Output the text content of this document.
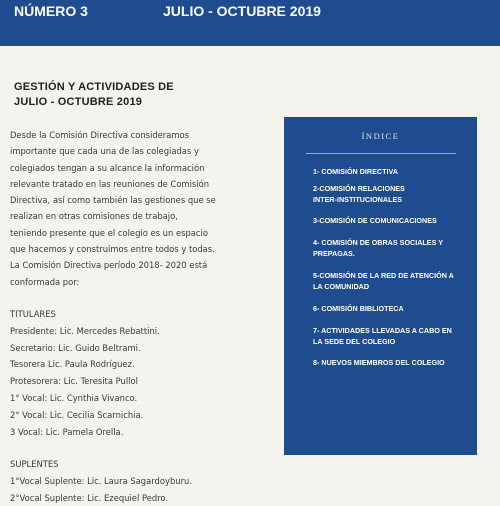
NÚMERO 3	JULIO - OCTUBRE 2019
GESTIÓN Y ACTIVIDADES DE
JULIO - OCTUBRE 2019
Desde la Comisión Directiva consideramos
importante que cada una de las colegiadas y
colegiados tengan a su alcance la información
relevante tratado en las reuniones de Comisión
Directiva, así como también las gestiones que se
realizan en otras comisiones de trabajo,
teniendo presente que el colegio es un espacio
que hacemos y construimos entre todos y todas.
La Comisión Directiva período 2018- 2020 está
conformada por:
TITULARES
Presidente: Lic. Mercedes Rebattini.
Secretario: Lic. Guido Beltrami.
Tesorera Lic. Paula Rodríguez.
Protesorera: Lic. Teresita Pullol
1° Vocal: Lic. Cynthia Vivanco.
2° Vocal: Lic. Cecilia Scarnichia.
3 Vocal: Lic. Pamela Orella.
SUPLENTES
1°Vocal Suplente: Lic. Laura Sagardoyburu.
2°Vocal Suplente: Lic. Ezequiel Pedro.
ÍNDICE
1- COMISIÓN DIRECTIVA
2-COMISIÓN RELACIONES
INTER-INSTITUCIONALES
3-COMISIÓN DE COMUNICACIONES
4- COMISIÓN DE OBRAS SOCIALES Y
PREPAGAS.
5-COMISIÓN DE LA RED DE ATENCIÓN A
LA COMUNIDAD
6- COMISIÓN BIBLIOTECA
7- ACTIVIDADES LLEVADAS A CABO EN
LA SEDE DEL COLEGIO
8- NUEVOS MIEMBROS DEL COLEGIO
